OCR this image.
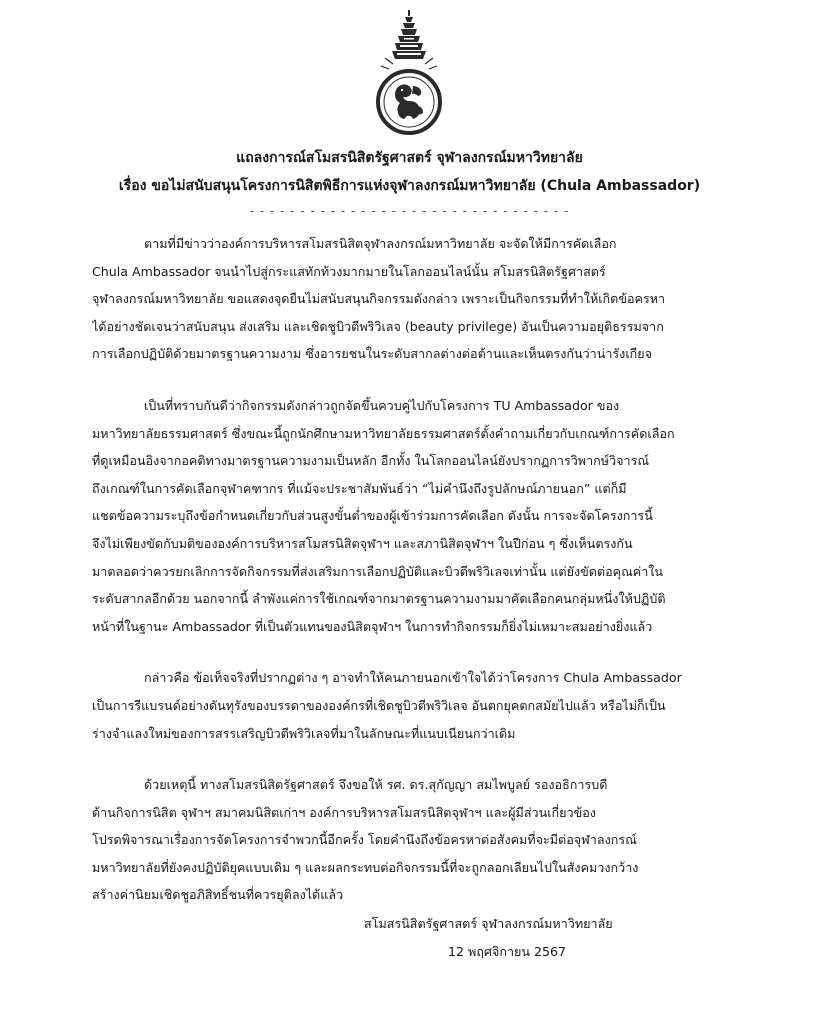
แถลงการณ์สโมสรนิสิตรัฐศาสตร์ จุฬาลงกรณ์มหาวิทยาลัย
เรื่อง ขอไม่สนับสนุนโครงการนิสิตพิธีการแห่งจุฬาลงกรณ์มหาวิทยาลัย (Chula Ambassador)
- - - - - - - - - - - - - - - - - - - - - - - - - - - - - - - -

ตามที่มีข่าวว่าองค์การบริหารสโมสรนิสิตจุฬาลงกรณ์มหาวิทยาลัย จะจัดให้มีการคัดเลือก
Chula Ambassador จนนำไปสู่กระแสทักท้วงมากมายในโลกออนไลน์นั้น สโมสรนิสิตรัฐศาสตร์
จุฬาลงกรณ์มหาวิทยาลัย ขอแสดงจุดยืนไม่สนับสนุนกิจกรรมดังกล่าว เพราะเป็นกิจกรรมที่ทำให้เกิดข้อครหา
ได้อย่างชัดเจนว่าสนับสนุน ส่งเสริม และเชิดชูบิวตีพริวิเลจ (beauty privilege) อันเป็นความอยุติธรรมจาก
การเลือกปฏิบัติด้วยมาตรฐานความงาม ซึ่งอารยชนในระดับสากลต่างต่อต้านและเห็นตรงกันว่าน่ารังเกียจ

เป็นที่ทราบกันดีว่ากิจกรรมดังกล่าวถูกจัดขึ้นควบคู่ไปกับโครงการ TU Ambassador ของ
มหาวิทยาลัยธรรมศาสตร์ ซึ่งขณะนี้ถูกนักศึกษามหาวิทยาลัยธรรมศาสตร์ตั้งคำถามเกี่ยวกับเกณฑ์การคัดเลือก
ที่ดูเหมือนอิงจากอคติทางมาตรฐานความงามเป็นหลัก อีกทั้ง ในโลกออนไลน์ยังปรากฏการวิพากษ์วิจารณ์
ถึงเกณฑ์ในการคัดเลือกจุฬาคฑากร ที่แม้จะประชาสัมพันธ์ว่า “ไม่คำนึงถึงรูปลักษณ์ภายนอก” แต่ก็มี
แชตข้อความระบุถึงข้อกำหนดเกี่ยวกับส่วนสูงขั้นต่ำของผู้เข้าร่วมการคัดเลือก ดังนั้น การจะจัดโครงการนี้
จึงไม่เพียงขัดกับมติขององค์การบริหารสโมสรนิสิตจุฬาฯ และสภานิสิตจุฬาฯ ในปีก่อน ๆ ซึ่งเห็นตรงกัน
มาตลอดว่าควรยกเลิกการจัดกิจกรรมที่ส่งเสริมการเลือกปฏิบัติและบิวตีพริวิเลจเท่านั้น แต่ยังขัดต่อคุณค่าใน
ระดับสากลอีกด้วย นอกจากนี้ ลำพังแค่การใช้เกณฑ์จากมาตรฐานความงามมาคัดเลือกคนกลุ่มหนึ่งให้ปฏิบัติ
หน้าที่ในฐานะ Ambassador ที่เป็นตัวแทนของนิสิตจุฬาฯ ในการทำกิจกรรมก็ยิ่งไม่เหมาะสมอย่างยิ่งแล้ว

กล่าวคือ ข้อเท็จจริงที่ปรากฏต่าง ๆ อาจทำให้คนภายนอกเข้าใจได้ว่าโครงการ Chula Ambassador
เป็นการรีแบรนด์อย่างดันทุรังของบรรดาขององค์กรที่เชิดชูบิวตีพริวิเลจ อันตกยุคตกสมัยไปแล้ว หรือไม่ก็เป็น
ร่างจำแลงใหม่ของการสรรเสริญบิวตีพริวิเลจที่มาในลักษณะที่แนบเนียนกว่าเดิม

ด้วยเหตุนี้ ทางสโมสรนิสิตรัฐศาสตร์ จึงขอให้ รศ. ดร.สุกัญญา สมไพบูลย์ รองอธิการบดี
ด้านกิจการนิสิต จุฬาฯ สมาคมนิสิตเก่าฯ องค์การบริหารสโมสรนิสิตจุฬาฯ และผู้มีส่วนเกี่ยวข้อง
โปรดพิจารณาเรื่องการจัดโครงการจำพวกนี้อีกครั้ง โดยคำนึงถึงข้อครหาต่อสังคมที่จะมีต่อจุฬาลงกรณ์
มหาวิทยาลัยที่ยังคงปฏิบัติยุคแบบเดิม ๆ และผลกระทบต่อกิจกรรมนี้ที่จะถูกลอกเลียนไปในสังคมวงกว้าง
สร้างค่านิยมเชิดชูอภิสิทธิ์ชนที่ควรยุติลงได้แล้ว

สโมสรนิสิตรัฐศาสตร์ จุฬาลงกรณ์มหาวิทยาลัย
12 พฤศจิกายน 2567
